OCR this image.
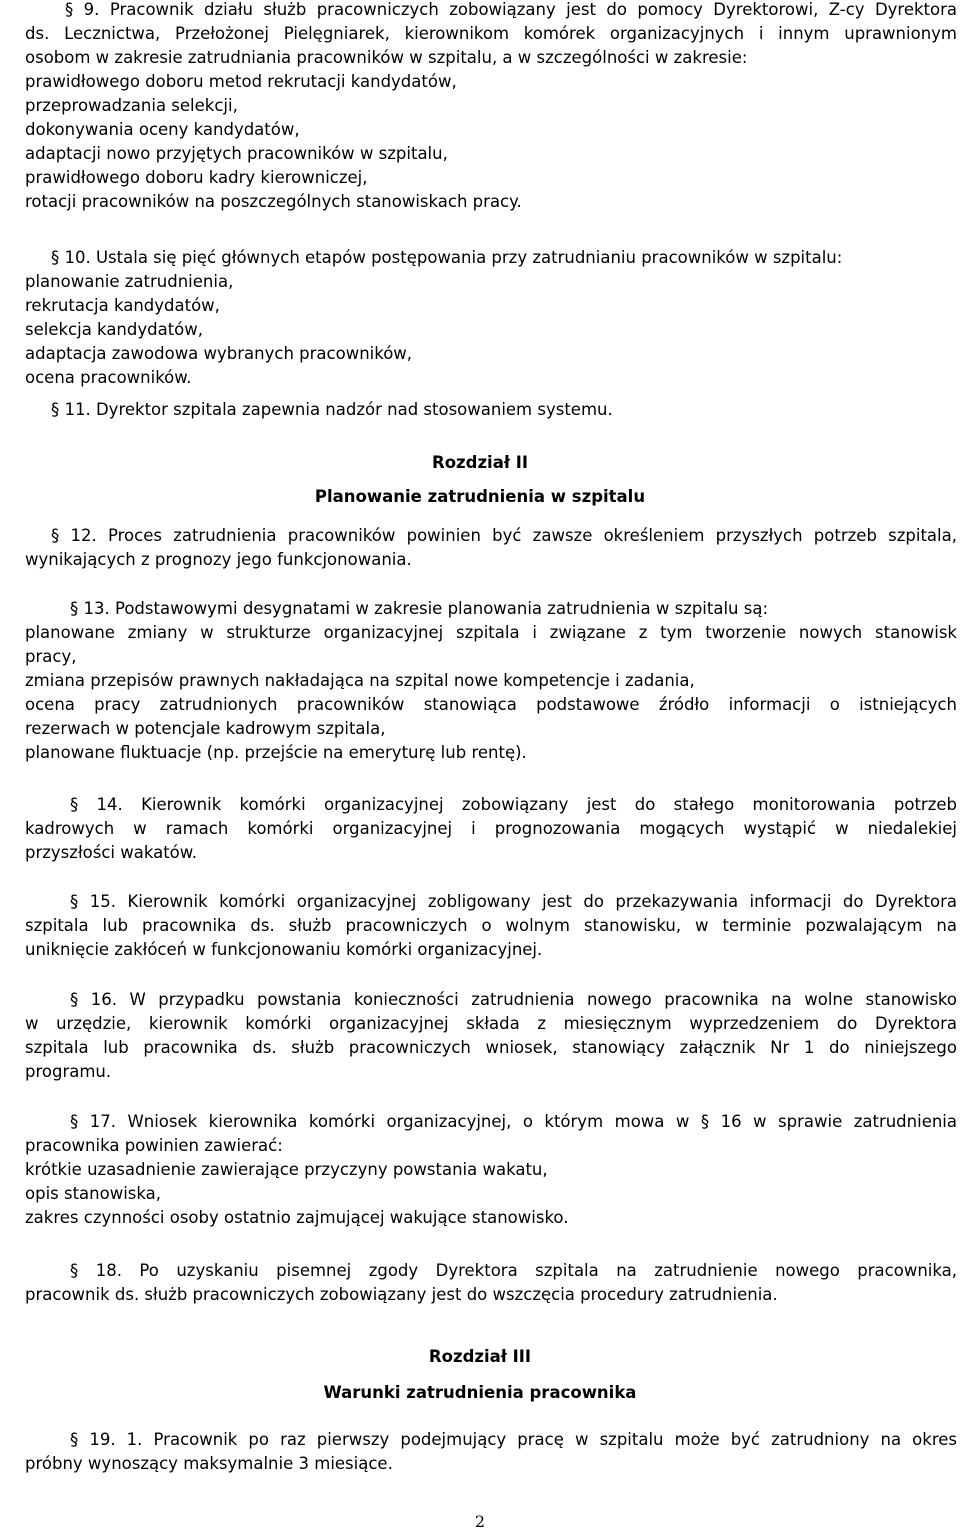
§ 9. Pracownik działu służb pracowniczych zobowiązany jest do pomocy Dyrektorowi, Z-cy Dyrektora
ds. Lecznictwa, Przełożonej Pielęgniarek, kierownikom komórek organizacyjnych i innym uprawnionym
osobom w zakresie zatrudniania pracowników w szpitalu, a w szczególności w zakresie:
prawidłowego doboru metod rekrutacji kandydatów,
przeprowadzania selekcji,
dokonywania oceny kandydatów,
adaptacji nowo przyjętych pracowników w szpitalu,
prawidłowego doboru kadry kierowniczej,
rotacji pracowników na poszczególnych stanowiskach pracy.
§ 10. Ustala się pięć głównych etapów postępowania przy zatrudnianiu pracowników w szpitalu:
planowanie zatrudnienia,
rekrutacja kandydatów,
selekcja kandydatów,
adaptacja zawodowa wybranych pracowników,
ocena pracowników.
§ 11. Dyrektor szpitala zapewnia nadzór nad stosowaniem systemu.
Rozdział II
Planowanie zatrudnienia w szpitalu
§ 12. Proces zatrudnienia pracowników powinien być zawsze określeniem przyszłych potrzeb szpitala,
wynikających z prognozy jego funkcjonowania.
§ 13. Podstawowymi desygnatami w zakresie planowania zatrudnienia w szpitalu są:
planowane zmiany w strukturze organizacyjnej szpitala i związane z tym tworzenie nowych stanowisk
pracy,
zmiana przepisów prawnych nakładająca na szpital nowe kompetencje i zadania,
ocena pracy zatrudnionych pracowników stanowiąca podstawowe źródło informacji o istniejących
rezerwach w potencjale kadrowym szpitala,
planowane fluktuacje (np. przejście na emeryturę lub rentę).
§ 14. Kierownik komórki organizacyjnej zobowiązany jest do stałego monitorowania potrzeb
kadrowych w ramach komórki organizacyjnej i prognozowania mogących wystąpić w niedalekiej
przyszłości wakatów.
§ 15. Kierownik komórki organizacyjnej zobligowany jest do przekazywania informacji do Dyrektora
szpitala lub pracownika ds. służb pracowniczych o wolnym stanowisku, w terminie pozwalającym na
uniknięcie zakłóceń w funkcjonowaniu komórki organizacyjnej.
§ 16. W przypadku powstania konieczności zatrudnienia nowego pracownika na wolne stanowisko
w urzędzie, kierownik komórki organizacyjnej składa z miesięcznym wyprzedzeniem do Dyrektora
szpitala lub pracownika ds. służb pracowniczych wniosek, stanowiący załącznik Nr 1 do niniejszego
programu.
§ 17. Wniosek kierownika komórki organizacyjnej, o którym mowa w § 16 w sprawie zatrudnienia
pracownika powinien zawierać:
krótkie uzasadnienie zawierające przyczyny powstania wakatu,
opis stanowiska,
zakres czynności osoby ostatnio zajmującej wakujące stanowisko.
§ 18. Po uzyskaniu pisemnej zgody Dyrektora szpitala na zatrudnienie nowego pracownika,
pracownik ds. służb pracowniczych zobowiązany jest do wszczęcia procedury zatrudnienia.
Rozdział III
Warunki zatrudnienia pracownika
§ 19. 1. Pracownik po raz pierwszy podejmujący pracę w szpitalu może być zatrudniony na okres
próbny wynoszący maksymalnie 3 miesiące.
2
